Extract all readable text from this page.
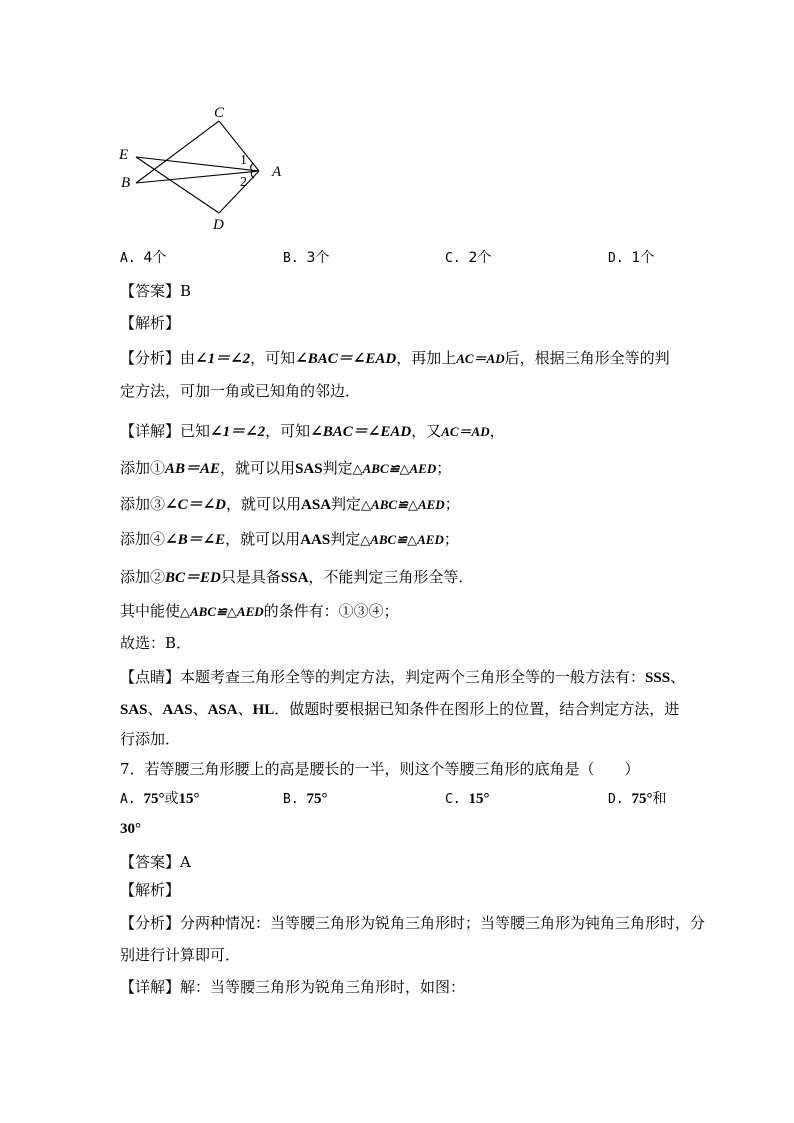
C
E
B
A
D
1
2
A. 4个	B. 3个	C. 2个	D. 1个
【答案】B
【解析】
【分析】由∠1＝∠2，可知∠BAC＝∠EAD，再加上AC＝AD后，根据三角形全等的判
定方法，可加一角或已知角的邻边．
【详解】已知∠1＝∠2，可知∠BAC＝∠EAD，又AC＝AD，
添加①AB＝AE，就可以用SAS判定△ABC≌△AED；
添加③∠C＝∠D，就可以用ASA判定△ABC≌△AED；
添加④∠B＝∠E，就可以用AAS判定△ABC≌△AED；
添加②BC＝ED只是具备SSA，不能判定三角形全等．
其中能使△ABC≌△AED的条件有：①③④；
故选：B．
【点睛】本题考查三角形全等的判定方法，判定两个三角形全等的一般方法有：SSS、
SAS、AAS、ASA、HL．做题时要根据已知条件在图形上的位置，结合判定方法，进
行添加．
7．若等腰三角形腰上的高是腰长的一半，则这个等腰三角形的底角是（　　）
A. 75°或15°	B. 75°	C. 15°	D. 75°和
30°
【答案】A
【解析】
【分析】分两种情况：当等腰三角形为锐角三角形时；当等腰三角形为钝角三角形时，分
别进行计算即可．
【详解】解：当等腰三角形为锐角三角形时，如图：
